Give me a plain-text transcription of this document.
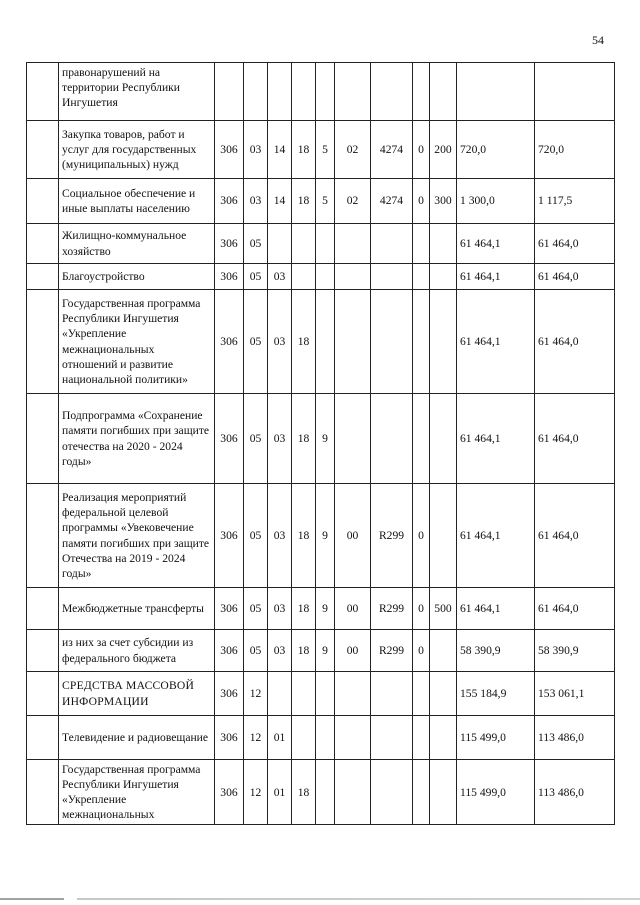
54
	правонарушений на территории Республики Ингушетия											
	Закупка товаров, работ и услуг для государственных (муниципальных) нужд	306	03	14	18	5	02	4274	0	200	720,0	720,0
	Социальное обеспечение и иные выплаты населению	306	03	14	18	5	02	4274	0	300	1 300,0	1 117,5
	Жилищно-коммунальное хозяйство	306	05								61 464,1	61 464,0
	Благоустройство	306	05	03							61 464,1	61 464,0
	Государственная программа Республики Ингушетия «Укрепление межнациональных отношений и развитие национальной политики»	306	05	03	18						61 464,1	61 464,0
	Подпрограмма «Сохранение памяти погибших при защите отечества на 2020 - 2024 годы»	306	05	03	18	9					61 464,1	61 464,0
	Реализация мероприятий федеральной целевой программы «Увековечение памяти погибших при защите Отечества на 2019 - 2024 годы»	306	05	03	18	9	00	R299	0		61 464,1	61 464,0
	Межбюджетные трансферты	306	05	03	18	9	00	R299	0	500	61 464,1	61 464,0
	из них за счет субсидии из федерального бюджета	306	05	03	18	9	00	R299	0		58 390,9	58 390,9
	СРЕДСТВА МАССОВОЙ ИНФОРМАЦИИ	306	12								155 184,9	153 061,1
	Телевидение и радиовещание	306	12	01							115 499,0	113 486,0
	Государственная программа Республики Ингушетия «Укрепление межнациональных	306	12	01	18						115 499,0	113 486,0
